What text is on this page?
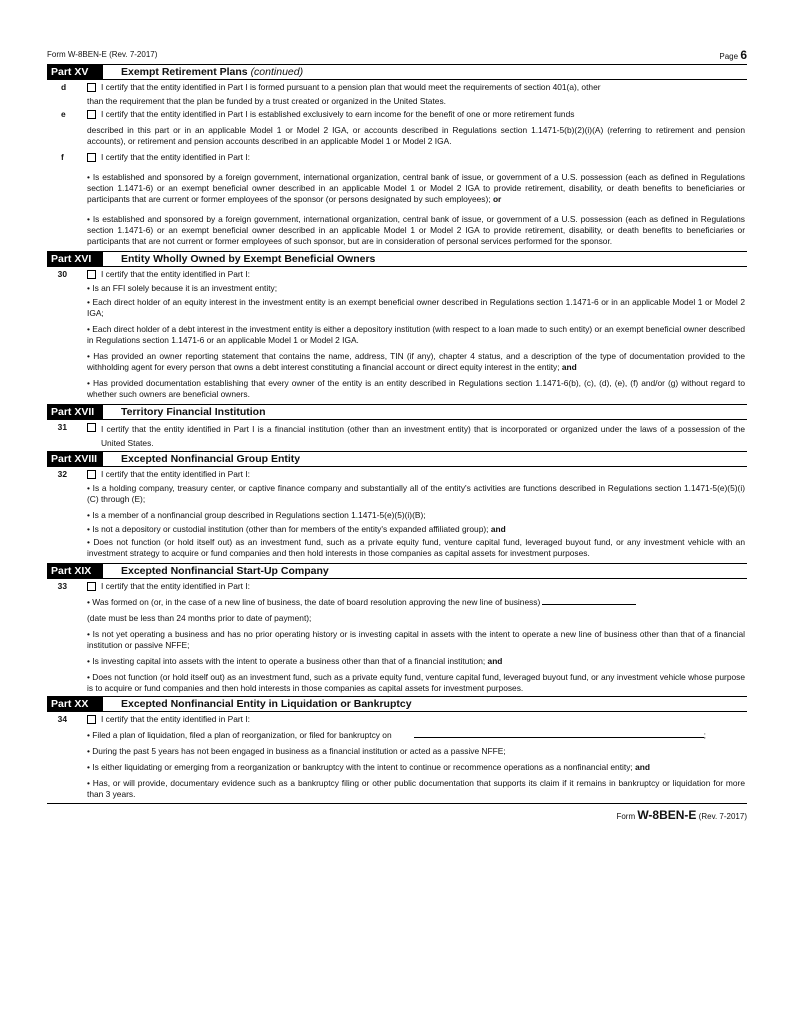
Form W-8BEN-E (Rev. 7-2017)	Page 6
Part XV	Exempt Retirement Plans (continued)
d	I certify that the entity identified in Part I is formed pursuant to a pension plan that would meet the requirements of section 401(a), other
than the requirement that the plan be funded by a trust created or organized in the United States.
e	I certify that the entity identified in Part I is established exclusively to earn income for the benefit of one or more retirement funds
described in this part or in an applicable Model 1 or Model 2 IGA, or accounts described in Regulations section 1.1471-5(b)(2)(i)(A) (referring to retirement and pension accounts), or retirement and pension accounts described in an applicable Model 1 or Model 2 IGA.
f	I certify that the entity identified in Part I:
• Is established and sponsored by a foreign government, international organization, central bank of issue, or government of a U.S. possession (each as defined in Regulations section 1.1471-6) or an exempt beneficial owner described in an applicable Model 1 or Model 2 IGA to provide retirement, disability, or death benefits to beneficiaries or participants that are current or former employees of the sponsor (or persons designated by such employees); or
• Is established and sponsored by a foreign government, international organization, central bank of issue, or government of a U.S. possession (each as defined in Regulations section 1.1471-6) or an exempt beneficial owner described in an applicable Model 1 or Model 2 IGA to provide retirement, disability, or death benefits to beneficiaries or participants that are not current or former employees of such sponsor, but are in consideration of personal services performed for the sponsor.
Part XVI	Entity Wholly Owned by Exempt Beneficial Owners
30	I certify that the entity identified in Part I:
• Is an FFI solely because it is an investment entity;
• Each direct holder of an equity interest in the investment entity is an exempt beneficial owner described in Regulations section 1.1471-6 or in an applicable Model 1 or Model 2 IGA;
• Each direct holder of a debt interest in the investment entity is either a depository institution (with respect to a loan made to such entity) or an exempt beneficial owner described in Regulations section 1.1471-6 or an applicable Model 1 or Model 2 IGA.
• Has provided an owner reporting statement that contains the name, address, TIN (if any), chapter 4 status, and a description of the type of documentation provided to the withholding agent for every person that owns a debt interest constituting a financial account or direct equity interest in the entity; and
• Has provided documentation establishing that every owner of the entity is an entity described in Regulations section 1.1471-6(b), (c), (d), (e), (f) and/or (g) without regard to whether such owners are beneficial owners.
Part XVII	Territory Financial Institution
31	I certify that the entity identified in Part I is a financial institution (other than an investment entity) that is incorporated or organized under the laws of a possession of the United States.
Part XVIII	Excepted Nonfinancial Group Entity
32	I certify that the entity identified in Part I:
• Is a holding company, treasury center, or captive finance company and substantially all of the entity's activities are functions described in Regulations section 1.1471-5(e)(5)(i)(C) through (E);
• Is a member of a nonfinancial group described in Regulations section 1.1471-5(e)(5)(i)(B);
• Is not a depository or custodial institution (other than for members of the entity's expanded affiliated group); and
• Does not function (or hold itself out) as an investment fund, such as a private equity fund, venture capital fund, leveraged buyout fund, or any investment vehicle with an investment strategy to acquire or fund companies and then hold interests in those companies as capital assets for investment purposes.
Part XIX	Excepted Nonfinancial Start-Up Company
33	I certify that the entity identified in Part I:
• Was formed on (or, in the case of a new line of business, the date of board resolution approving the new line of business)
(date must be less than 24 months prior to date of payment);
• Is not yet operating a business and has no prior operating history or is investing capital in assets with the intent to operate a new line of business other than that of a financial institution or passive NFFE;
• Is investing capital into assets with the intent to operate a business other than that of a financial institution; and
• Does not function (or hold itself out) as an investment fund, such as a private equity fund, venture capital fund, leveraged buyout fund, or any investment vehicle whose purpose is to acquire or fund companies and then hold interests in those companies as capital assets for investment purposes.
Part XX	Excepted Nonfinancial Entity in Liquidation or Bankruptcy
34	I certify that the entity identified in Part I:
• Filed a plan of liquidation, filed a plan of reorganization, or filed for bankruptcy on	;
• During the past 5 years has not been engaged in business as a financial institution or acted as a passive NFFE;
• Is either liquidating or emerging from a reorganization or bankruptcy with the intent to continue or recommence operations as a nonfinancial entity; and
• Has, or will provide, documentary evidence such as a bankruptcy filing or other public documentation that supports its claim if it remains in bankruptcy or liquidation for more than 3 years.
Form W-8BEN-E (Rev. 7-2017)
